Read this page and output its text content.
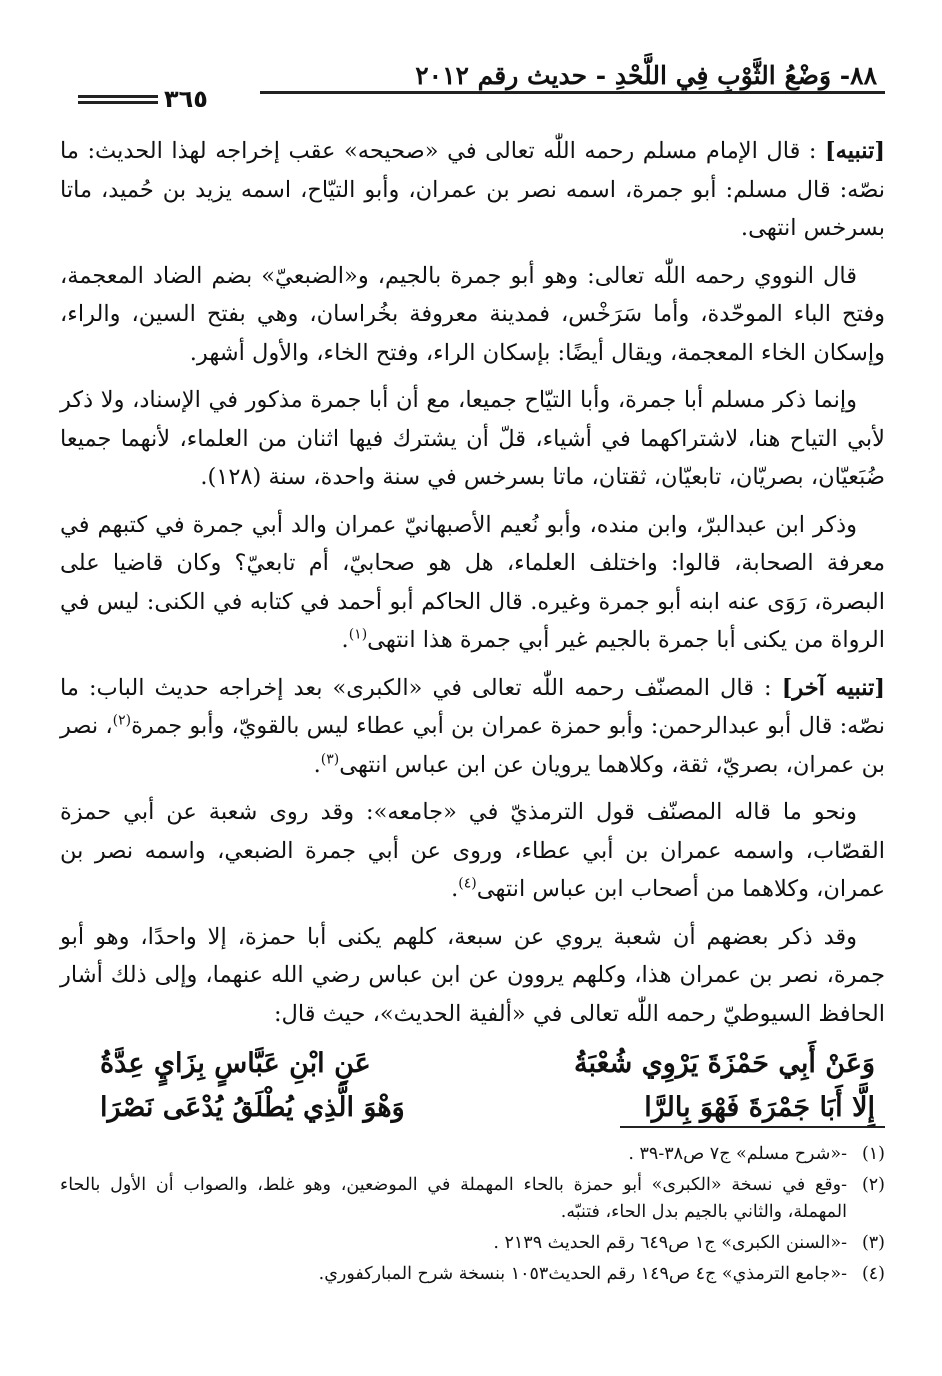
٨٨- وَضْعُ الثَّوْبِ فِي اللَّحْدِ - حديث رقم ٢٠١٢
٣٦٥

[تنبيه] : قال الإمام مسلم رحمه اللّٰه تعالى في «صحيحه» عقب إخراجه لهذا الحديث: ما نصّه: قال مسلم: أبو جمرة، اسمه نصر بن عمران، وأبو التيّاح، اسمه يزيد بن حُميد، ماتا بسرخس انتهى.

قال النووي رحمه اللّٰه تعالى: وهو أبو جمرة بالجيم، و«الضبعيّ» بضم الضاد المعجمة، وفتح الباء الموحّدة، وأما سَرَخْس، فمدينة معروفة بخُراسان، وهي بفتح السين، والراء، وإسكان الخاء المعجمة، ويقال أيضًا: بإسكان الراء، وفتح الخاء، والأول أشهر.

وإنما ذكر مسلم أبا جمرة، وأبا التيّاح جميعا، مع أن أبا جمرة مذكور في الإسناد، ولا ذكر لأبي التياح هنا، لاشتراكهما في أشياء، قلّ أن يشترك فيها اثنان من العلماء، لأنهما جميعا ضُبَعيّان، بصريّان، تابعيّان، ثقتان، ماتا بسرخس في سنة واحدة، سنة (١٢٨).

وذكر ابن عبدالبرّ، وابن منده، وأبو نُعيم الأصبهانيّ عمران والد أبي جمرة في كتبهم في معرفة الصحابة، قالوا: واختلف العلماء، هل هو صحابيّ، أم تابعيّ؟ وكان قاضيا على البصرة، رَوَى عنه ابنه أبو جمرة وغيره. قال الحاكم أبو أحمد في كتابه في الكنى: ليس في الرواة من يكنى أبا جمرة بالجيم غير أبي جمرة هذا انتهى$^{(١)}$.

[تنبيه آخر] : قال المصنّف رحمه اللّٰه تعالى في «الكبرى» بعد إخراجه حديث الباب: ما نصّه: قال أبو عبدالرحمن: وأبو حمزة عمران بن أبي عطاء ليس بالقويّ، وأبو جمرة$^{(٢)}$، نصر بن عمران، بصريّ، ثقة، وكلاهما يرويان عن ابن عباس انتهى$^{(٣)}$.

ونحو ما قاله المصنّف قول الترمذيّ في «جامعه»: وقد روى شعبة عن أبي حمزة القصّاب، واسمه عمران بن أبي عطاء، وروى عن أبي جمرة الضبعي، واسمه نصر بن عمران، وكلاهما من أصحاب ابن عباس انتهى$^{(٤)}$.

وقد ذكر بعضهم أن شعبة يروي عن سبعة، كلهم يكنى أبا حمزة، إلا واحدًا، وهو أبو جمرة، نصر بن عمران هذا، وكلهم يروون عن ابن عباس رضي الله عنهما، وإلى ذلك أشار الحافظ السيوطيّ رحمه اللّٰه تعالى في «ألفية الحديث»، حيث قال:

وَعَنْ أَبِي حَمْزَةَ يَرْوِي شُعْبَةُ
عَنِ ابْنِ عَبَّاسٍ بِزَايٍ عِدَّةُ
إِلَّا أَبَا جَمْرَةَ فَهْوَ بِالرَّا
وَهْوَ الَّذِي يُطْلَقُ يُدْعَى نَصْرَا
(١)
-«شرح مسلم» ج٧ ص٣٨-٣٩ .
(٢)
-وقع في نسخة «الكبرى» أبو حمزة بالحاء المهملة في الموضعين، وهو غلط، والصواب أن الأول بالحاء المهملة، والثاني بالجيم بدل الحاء، فتنبّه.
(٣)
-«السنن الكبرى» ج١ ص٦٤٩ رقم الحديث ٢١٣٩ .
(٤)
-«جامع الترمذي» ج٤ ص١٤٩ رقم الحديث١٠٥٣ بنسخة شرح المباركفوري.
